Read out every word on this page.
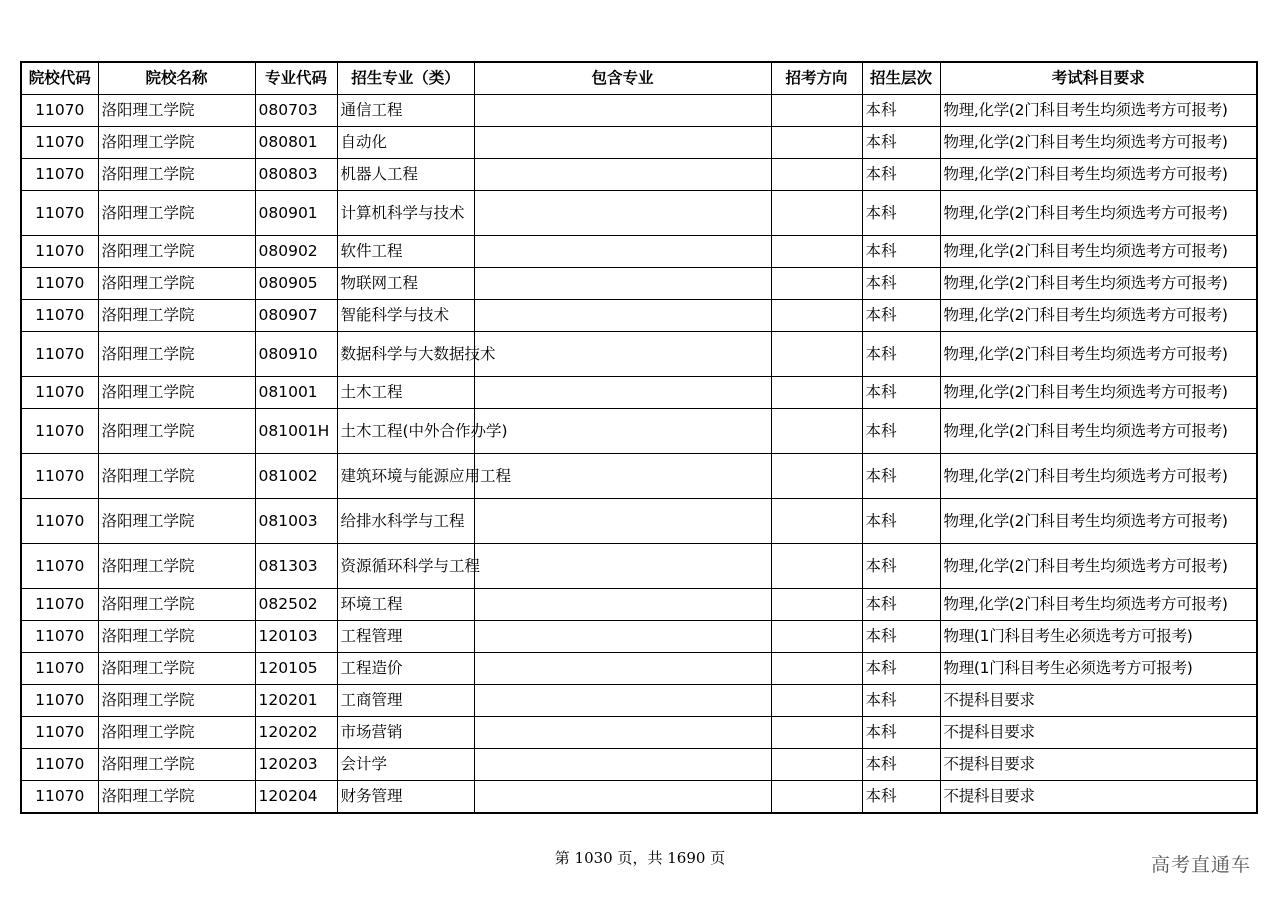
院校代码	院校名称	专业代码	招生专业（类）	包含专业	招考方向	招生层次	考试科目要求
11070	洛阳理工学院	080703	通信工程			本科	物理,化学(2门科目考生均须选考方可报考)
11070	洛阳理工学院	080801	自动化			本科	物理,化学(2门科目考生均须选考方可报考)
11070	洛阳理工学院	080803	机器人工程			本科	物理,化学(2门科目考生均须选考方可报考)
11070	洛阳理工学院	080901	计算机科学与技术			本科	物理,化学(2门科目考生均须选考方可报考)
11070	洛阳理工学院	080902	软件工程			本科	物理,化学(2门科目考生均须选考方可报考)
11070	洛阳理工学院	080905	物联网工程			本科	物理,化学(2门科目考生均须选考方可报考)
11070	洛阳理工学院	080907	智能科学与技术			本科	物理,化学(2门科目考生均须选考方可报考)
11070	洛阳理工学院	080910	数据科学与大数据技术			本科	物理,化学(2门科目考生均须选考方可报考)
11070	洛阳理工学院	081001	土木工程			本科	物理,化学(2门科目考生均须选考方可报考)
11070	洛阳理工学院	081001H	土木工程(中外合作办学)			本科	物理,化学(2门科目考生均须选考方可报考)
11070	洛阳理工学院	081002	建筑环境与能源应用工程			本科	物理,化学(2门科目考生均须选考方可报考)
11070	洛阳理工学院	081003	给排水科学与工程			本科	物理,化学(2门科目考生均须选考方可报考)
11070	洛阳理工学院	081303	资源循环科学与工程			本科	物理,化学(2门科目考生均须选考方可报考)
11070	洛阳理工学院	082502	环境工程			本科	物理,化学(2门科目考生均须选考方可报考)
11070	洛阳理工学院	120103	工程管理			本科	物理(1门科目考生必须选考方可报考)
11070	洛阳理工学院	120105	工程造价			本科	物理(1门科目考生必须选考方可报考)
11070	洛阳理工学院	120201	工商管理			本科	不提科目要求
11070	洛阳理工学院	120202	市场营销			本科	不提科目要求
11070	洛阳理工学院	120203	会计学			本科	不提科目要求
11070	洛阳理工学院	120204	财务管理			本科	不提科目要求
第 1030 页，共 1690 页	高考直通车
